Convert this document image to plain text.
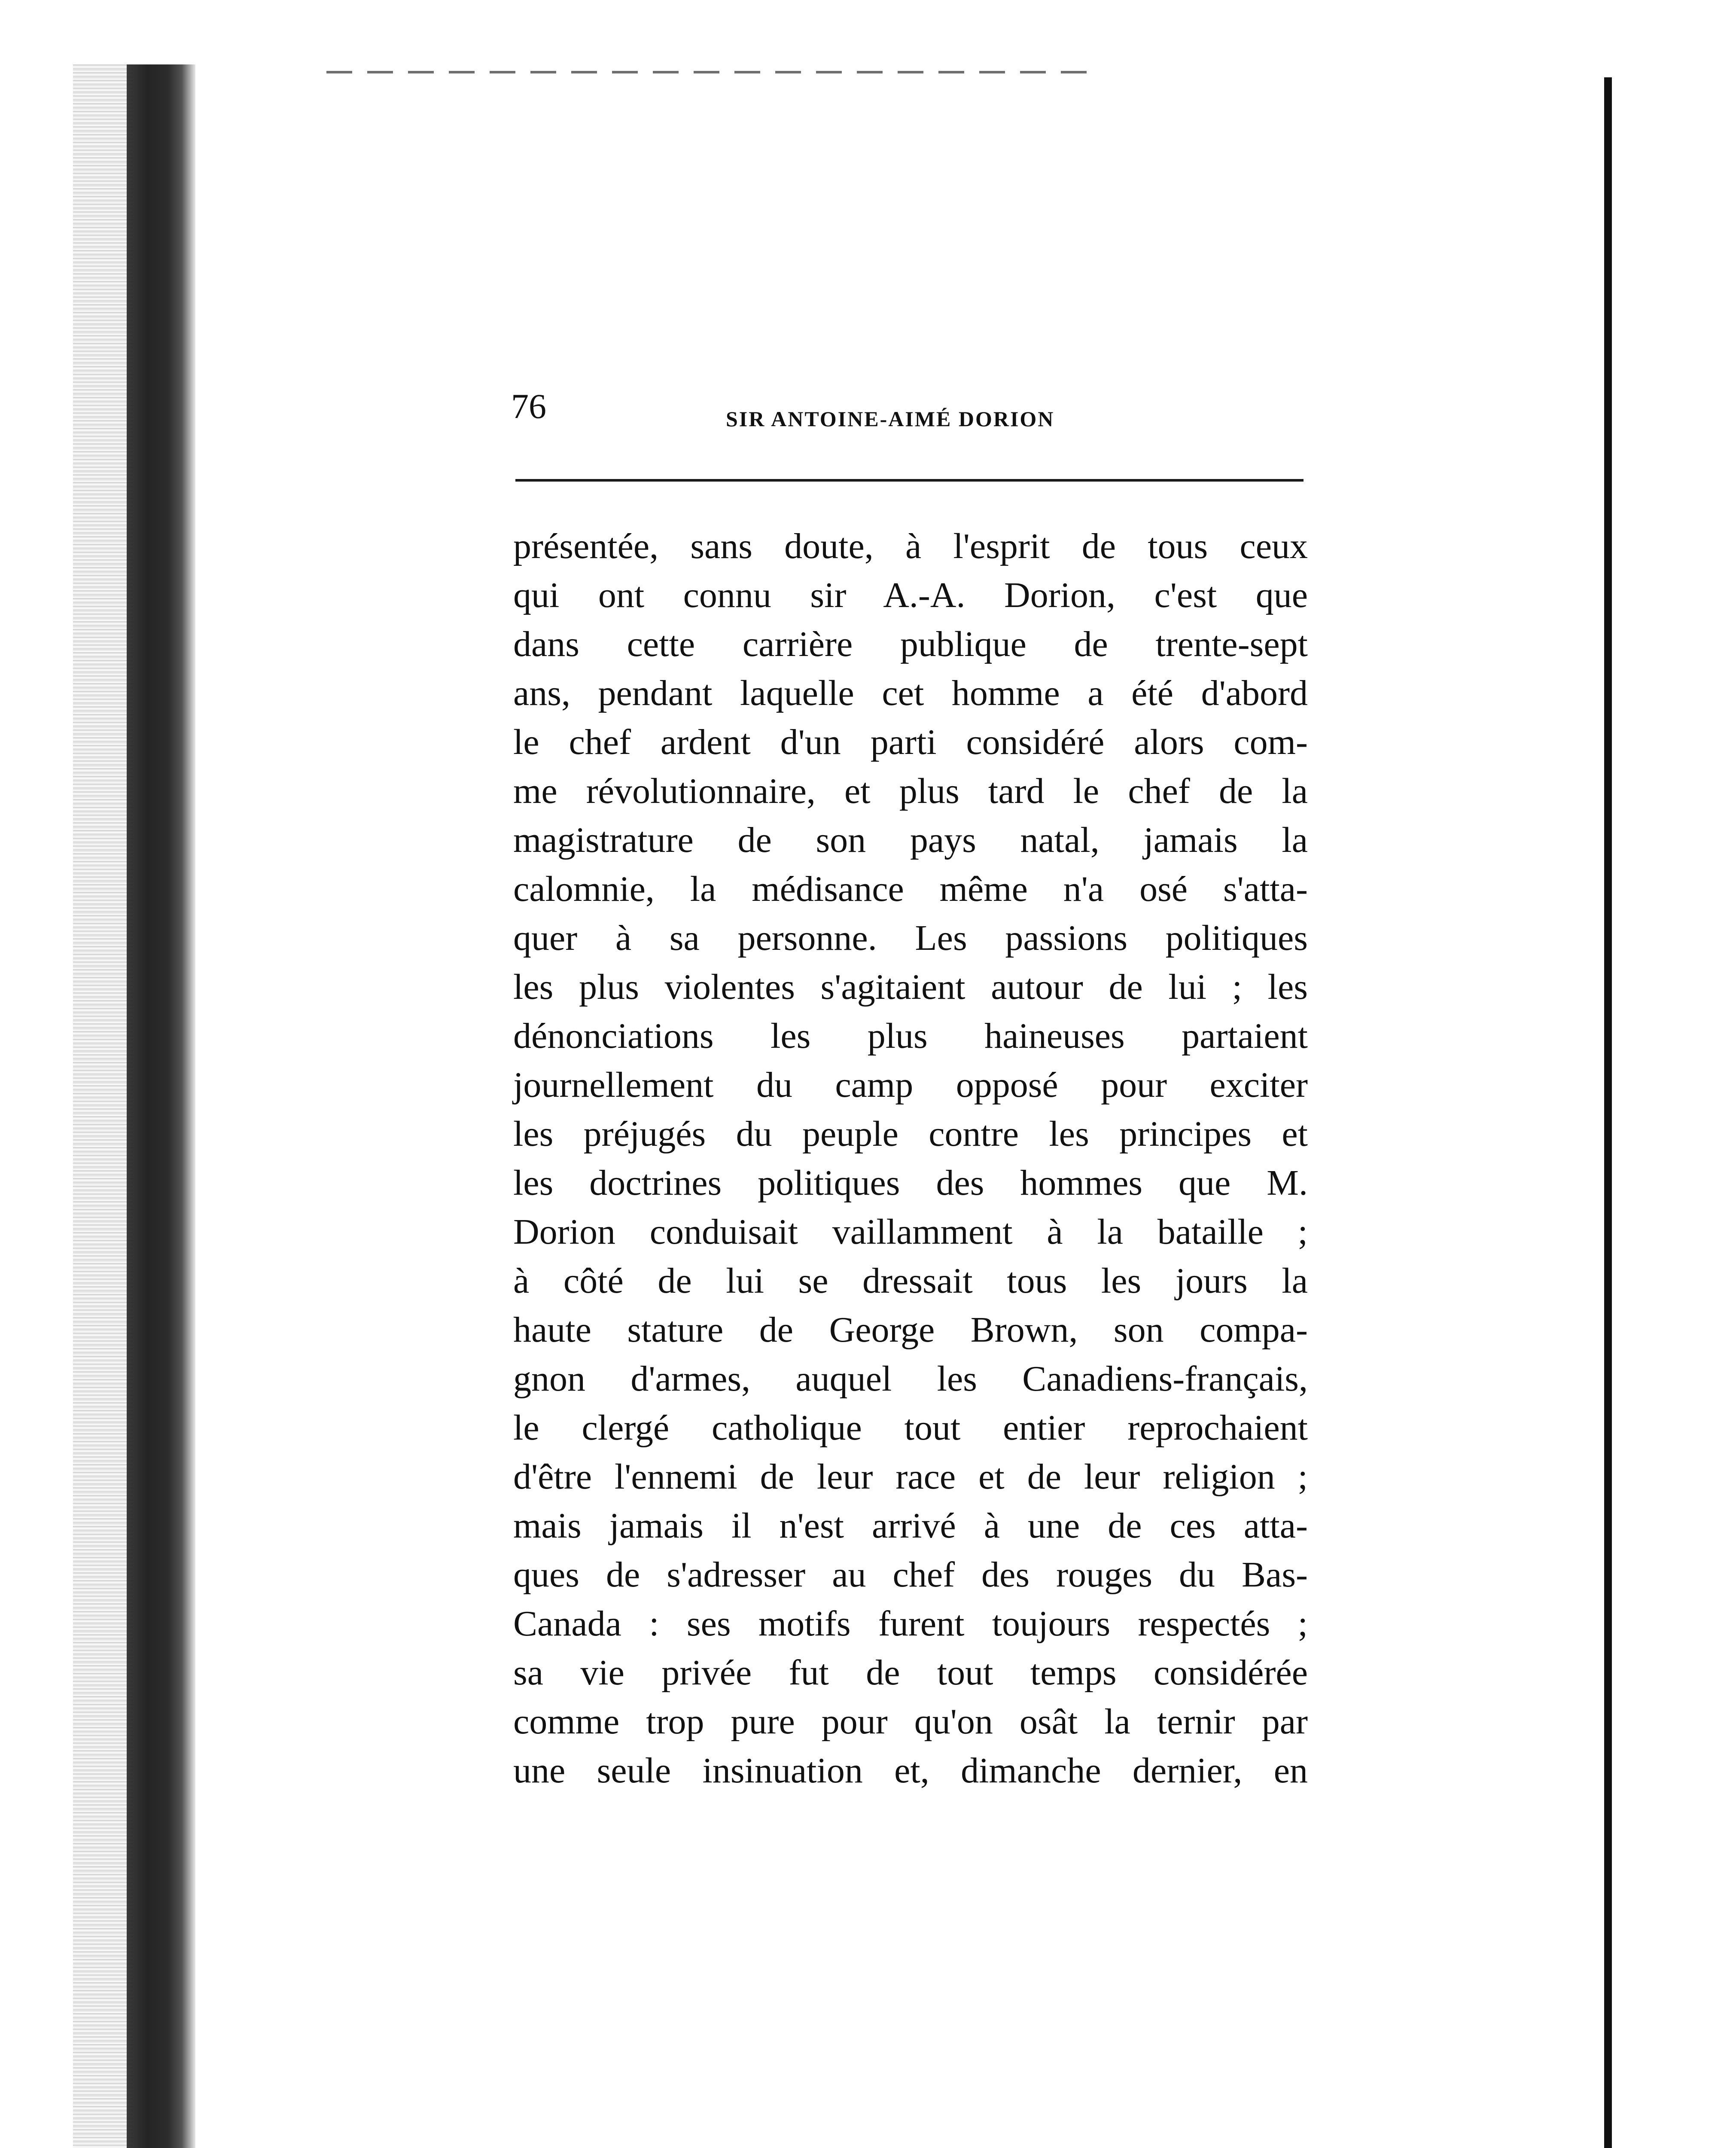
76	SIR ANTOINE-AIMÉ DORION
présentée, sans doute, à l'esprit de tous ceux
qui ont connu sir A.-A. Dorion, c'est que
dans cette carrière publique de trente-sept
ans, pendant laquelle cet homme a été d'abord
le chef ardent d'un parti considéré alors com-
me révolutionnaire, et plus tard le chef de la
magistrature de son pays natal, jamais la
calomnie, la médisance même n'a osé s'atta-
quer à sa personne. Les passions politiques
les plus violentes s'agitaient autour de lui ; les
dénonciations les plus haineuses partaient
journellement du camp opposé pour exciter
les préjugés du peuple contre les principes et
les doctrines politiques des hommes que M.
Dorion conduisait vaillamment à la bataille ;
à côté de lui se dressait tous les jours la
haute stature de George Brown, son compa-
gnon d'armes, auquel les Canadiens-français,
le clergé catholique tout entier reprochaient
d'être l'ennemi de leur race et de leur religion ;
mais jamais il n'est arrivé à une de ces atta-
ques de s'adresser au chef des rouges du Bas-
Canada : ses motifs furent toujours respectés ;
sa vie privée fut de tout temps considérée
comme trop pure pour qu'on osât la ternir par
une seule insinuation et, dimanche dernier, en
